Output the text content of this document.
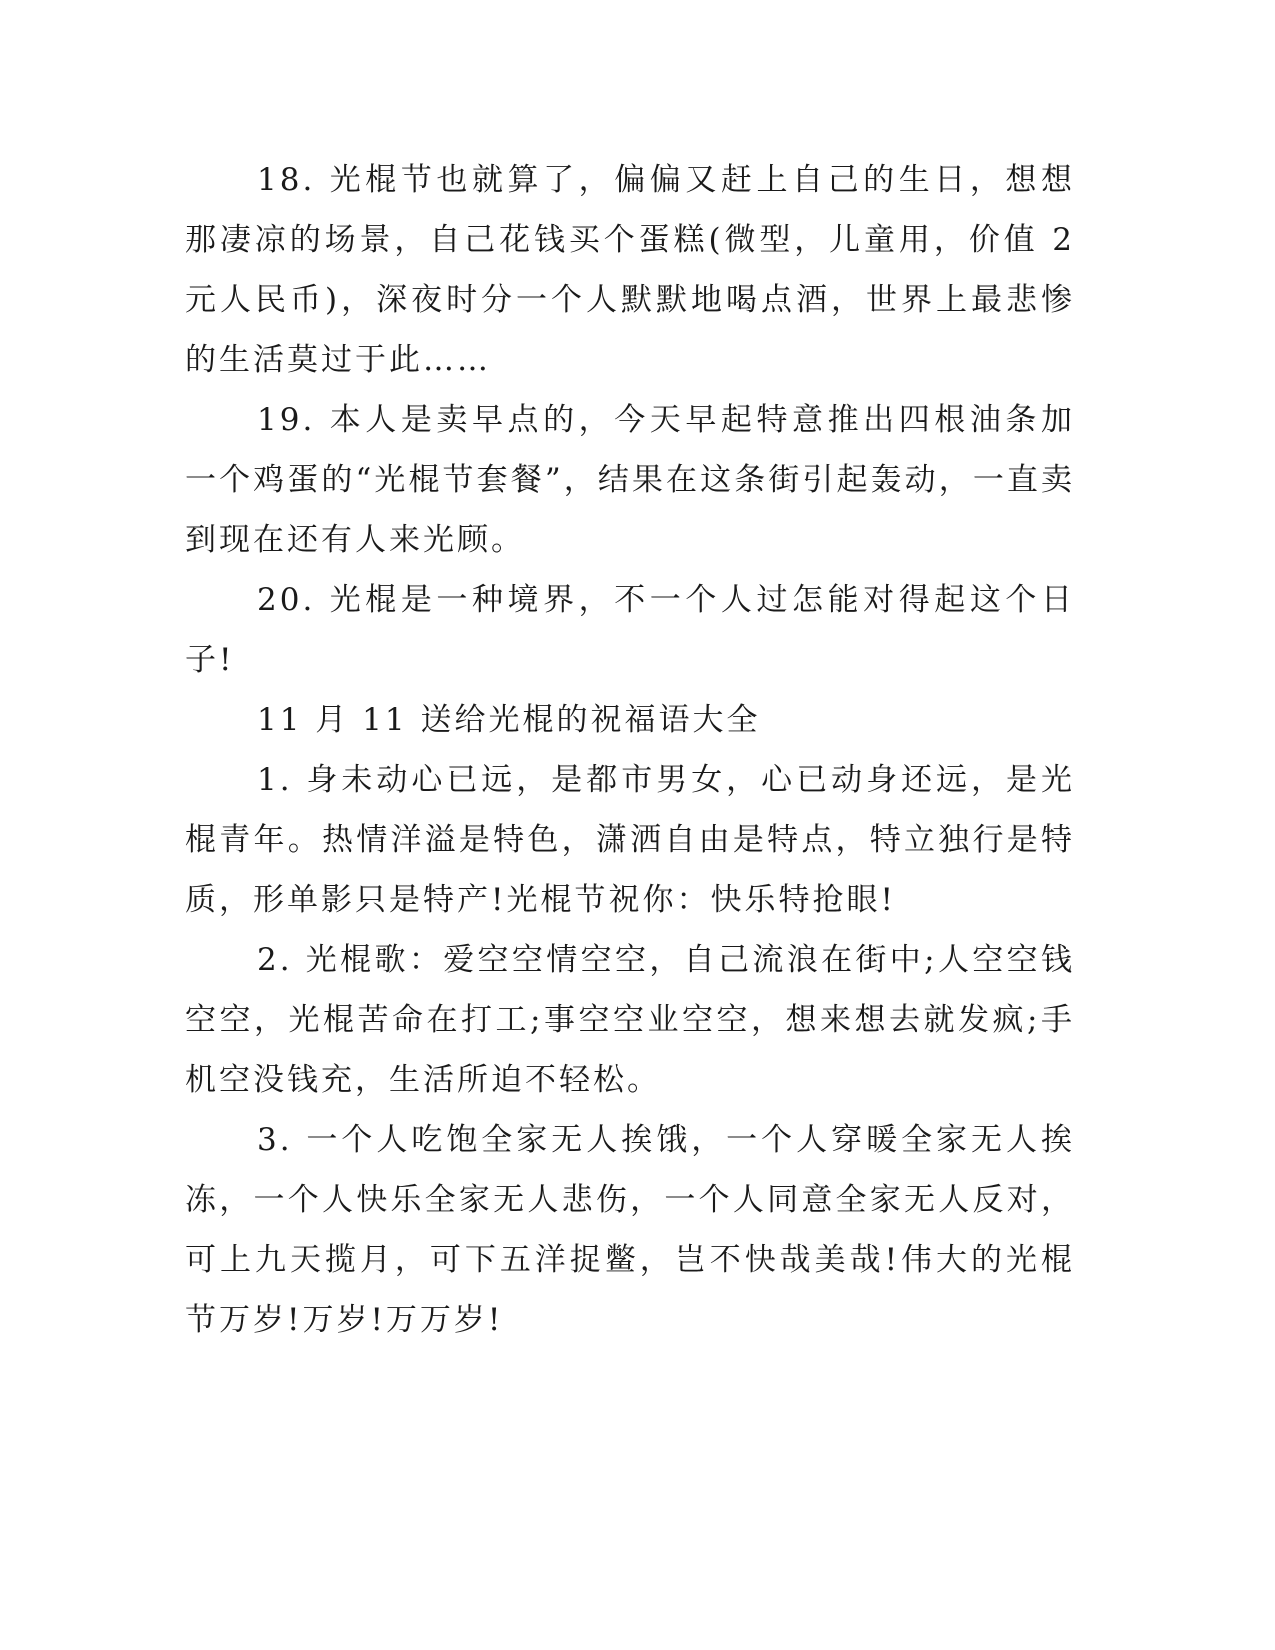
18. 光棍节也就算了，偏偏又赶上自己的生日，想想那凄凉的场景，自己花钱买个蛋糕(微型，儿童用，价值 2 元人民币)，深夜时分一个人默默地喝点酒，世界上最悲惨的生活莫过于此……

19. 本人是卖早点的，今天早起特意推出四根油条加一个鸡蛋的“光棍节套餐”，结果在这条街引起轰动，一直卖到现在还有人来光顾。

20. 光棍是一种境界，不一个人过怎能对得起这个日子!

11 月 11 送给光棍的祝福语大全

1. 身未动心已远，是都市男女，心已动身还远，是光棍青年。热情洋溢是特色，潇洒自由是特点，特立独行是特质，形单影只是特产!光棍节祝你：快乐特抢眼!

2. 光棍歌：爱空空情空空，自己流浪在街中;人空空钱空空，光棍苦命在打工;事空空业空空，想来想去就发疯;手机空没钱充，生活所迫不轻松。

3. 一个人吃饱全家无人挨饿，一个人穿暖全家无人挨冻，一个人快乐全家无人悲伤，一个人同意全家无人反对，可上九天揽月，可下五洋捉鳖，岂不快哉美哉!伟大的光棍节万岁!万岁!万万岁!
